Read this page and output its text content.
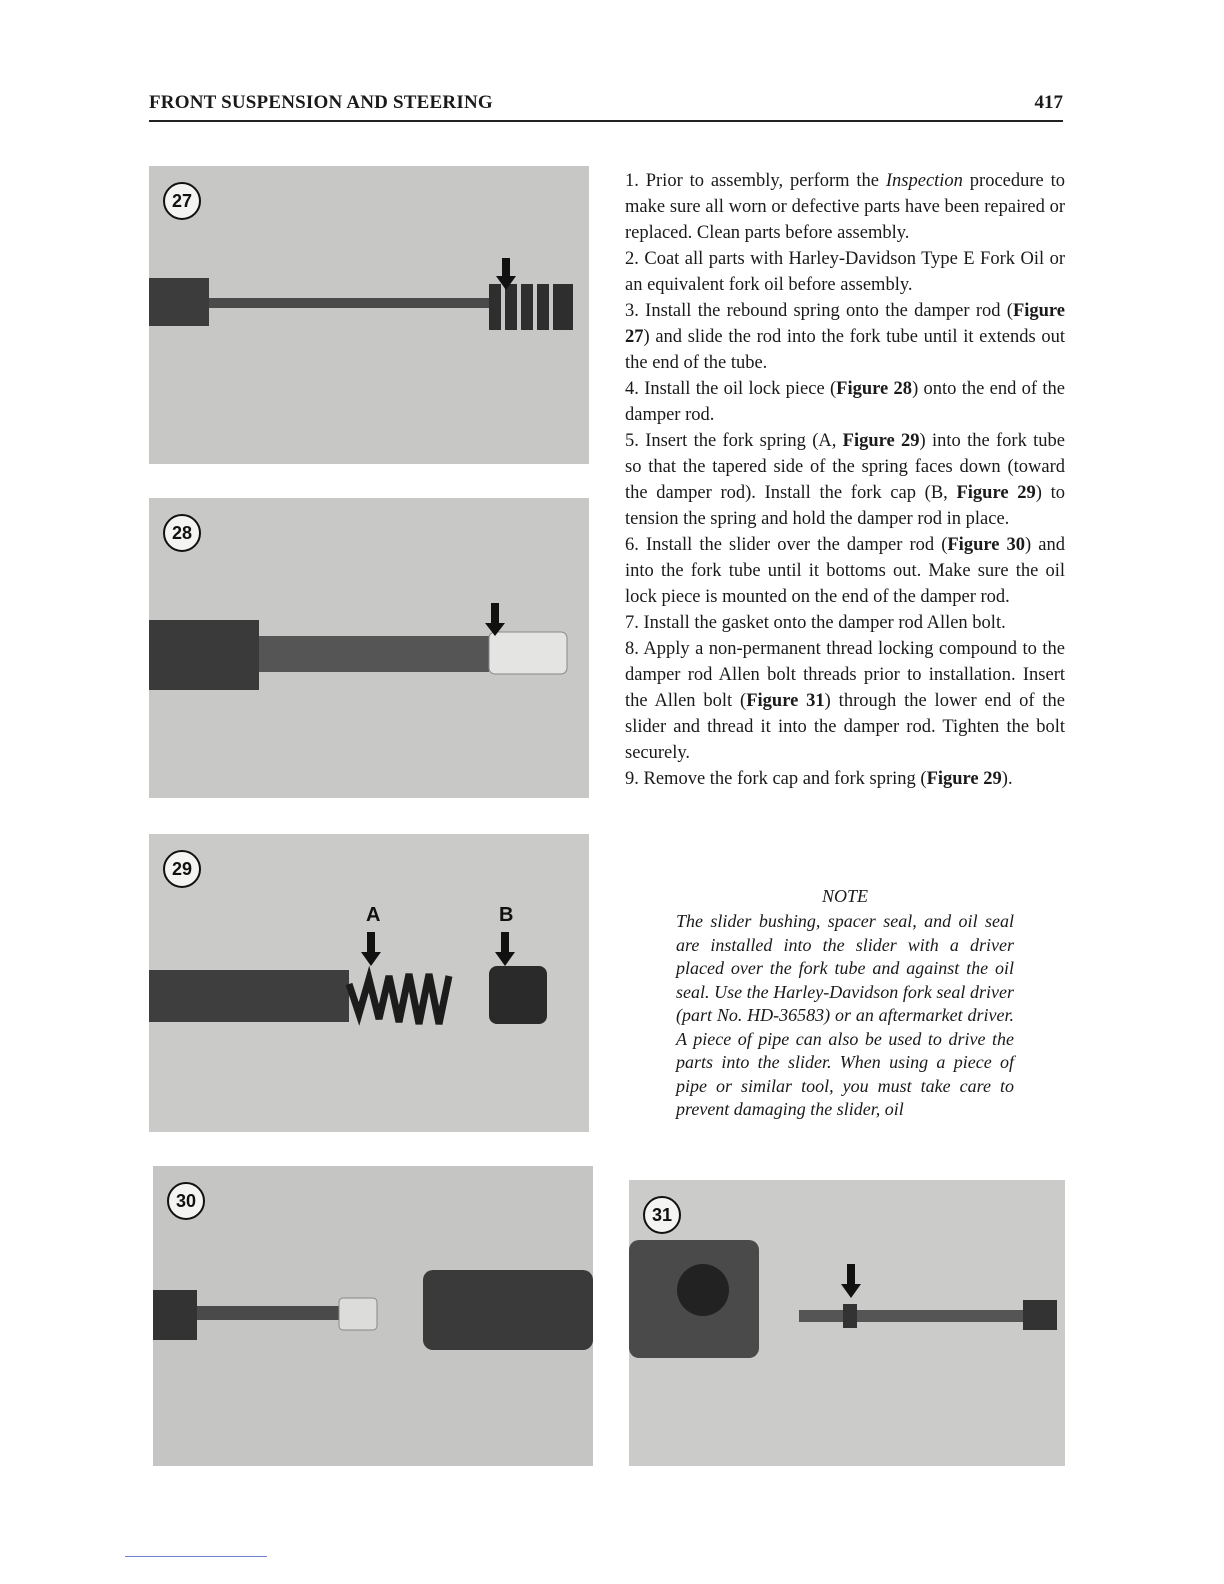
FRONT SUSPENSION AND STEERING	417
27
28
29
A	B
30
31

1. Prior to assembly, perform the Inspection procedure to make sure all worn or defective parts have been repaired or replaced. Clean parts before assembly.

2. Coat all parts with Harley-Davidson Type E Fork Oil or an equivalent fork oil before assembly.

3. Install the rebound spring onto the damper rod (Figure 27) and slide the rod into the fork tube until it extends out the end of the tube.

4. Install the oil lock piece (Figure 28) onto the end of the damper rod.

5. Insert the fork spring (A, Figure 29) into the fork tube so that the tapered side of the spring faces down (toward the damper rod). Install the fork cap (B, Figure 29) to tension the spring and hold the damper rod in place.

6. Install the slider over the damper rod (Figure 30) and into the fork tube until it bottoms out. Make sure the oil lock piece is mounted on the end of the damper rod.

7. Install the gasket onto the damper rod Allen bolt.

8. Apply a non-permanent thread locking compound to the damper rod Allen bolt threads prior to installation. Insert the Allen bolt (Figure 31) through the lower end of the slider and thread it into the damper rod. Tighten the bolt securely.

9. Remove the fork cap and fork spring (Figure 29).

NOTE
The slider bushing, spacer seal, and oil seal are installed into the slider with a driver placed over the fork tube and against the oil seal. Use the Harley-Davidson fork seal driver (part No. HD-36583) or an aftermarket driver. A piece of pipe can also be used to drive the parts into the slider. When using a piece of pipe or similar tool, you must take care to prevent damaging the slider, oil
